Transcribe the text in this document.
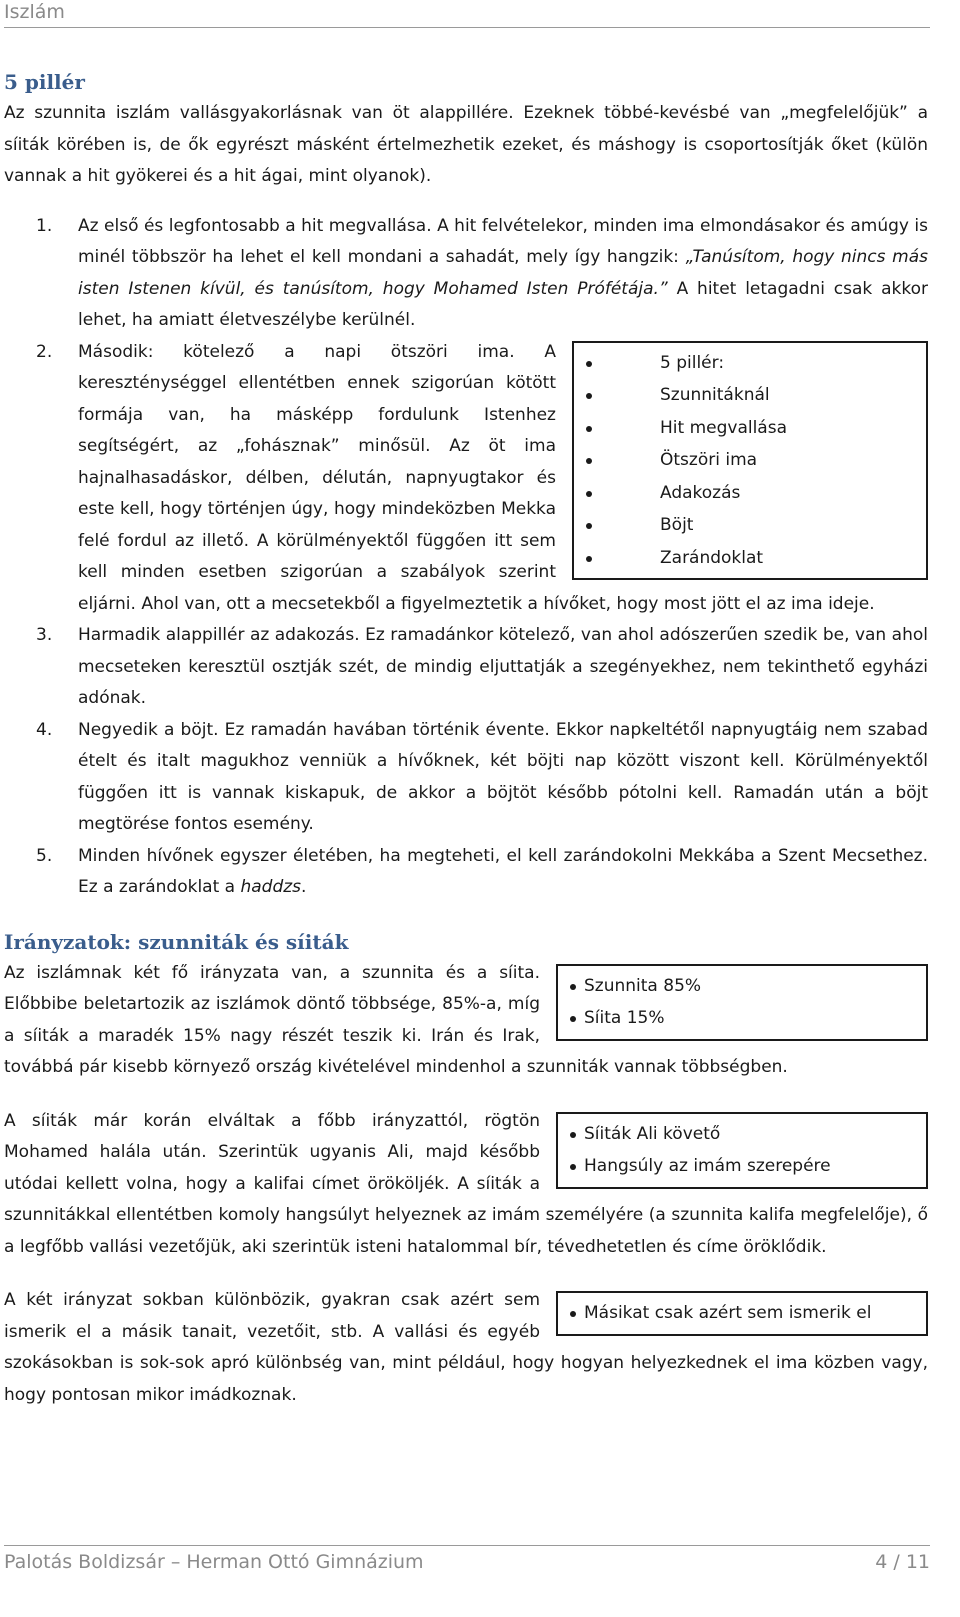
Iszlám
5 pillér

Az szunnita iszlám vallásgyakorlásnak van öt alappillére. Ezeknek többé-kevésbé van „megfelelőjük” a síiták körében is, de ők egyrészt másként értelmezhetik ezeket, és máshogy is csoportosítják őket (külön vannak a hit gyökerei és a hit ágai, mint olyanok).

1. Az első és legfontosabb a hit megvallása. A hit felvételekor, minden ima elmondásakor és amúgy is minél többször ha lehet el kell mondani a sahadát, mely így hangzik: „Tanúsítom, hogy nincs más isten Istenen kívül, és tanúsítom, hogy Mohamed Isten Prófétája.” A hitet letagadni csak akkor lehet, ha amiatt életveszélybe kerülnél.
2.
5 pillér:
Szunnitáknál
Hit megvallása
Ötszöri ima
Adakozás
Böjt
Zarándoklat
Második: kötelező a napi ötszöri ima. A kereszténységgel ellentétben ennek szigorúan kötött formája van, ha másképp fordulunk Istenhez segítségért, az „fohásznak” minősül. Az öt ima hajnalhasadáskor, délben, délután, napnyugtakor és este kell, hogy történjen úgy, hogy mindeközben Mekka felé fordul az illető. A körülményektől függően itt sem kell minden esetben szigorúan a szabályok szerint eljárni. Ahol van, ott a mecsetekből a figyelmeztetik a hívőket, hogy most jött el az ima ideje.
3. Harmadik alappillér az adakozás. Ez ramadánkor kötelező, van ahol adószerűen szedik be, van ahol mecseteken keresztül osztják szét, de mindig eljuttatják a szegényekhez, nem tekinthető egyházi adónak.
4. Negyedik a böjt. Ez ramadán havában történik évente. Ekkor napkeltétől napnyugtáig nem szabad ételt és italt magukhoz venniük a hívőknek, két böjti nap között viszont kell. Körülményektől függően itt is vannak kiskapuk, de akkor a böjtöt később pótolni kell. Ramadán után a böjt megtörése fontos esemény.
5. Minden hívőnek egyszer életében, ha megteheti, el kell zarándokolni Mekkába a Szent Mecsethez. Ez a zarándoklat a haddzs.
Irányzatok: szunniták és síiták
Szunnita 85%
Síita 15%

Az iszlámnak két fő irányzata van, a szunnita és a síita. Előbbibe beletartozik az iszlámok döntő többsége, 85%-a, míg a síiták a maradék 15% nagy részét teszik ki. Irán és Irak, továbbá pár kisebb környező ország kivételével mindenhol a szunniták vannak többségben.

Síiták Ali követő
Hangsúly az imám szerepére

A síiták már korán elváltak a főbb irányzattól, rögtön Mohamed halála után. Szerintük ugyanis Ali, majd később utódai kellett volna, hogy a kalifai címet örököljék. A síiták a szunnitákkal ellentétben komoly hangsúlyt helyeznek az imám személyére (a szunnita kalifa megfelelője), ő a legfőbb vallási vezetőjük, aki szerintük isteni hatalommal bír, tévedhetetlen és címe öröklődik.

Másikat csak azért sem ismerik el

A két irányzat sokban különbözik, gyakran csak azért sem ismerik el a másik tanait, vezetőit, stb. A vallási és egyéb szokásokban is sok-sok apró különbség van, mint például, hogy hogyan helyezkednek el ima közben vagy, hogy pontosan mikor imádkoznak.

Palotás Boldizsár – Herman Ottó Gimnázium	4 / 11
